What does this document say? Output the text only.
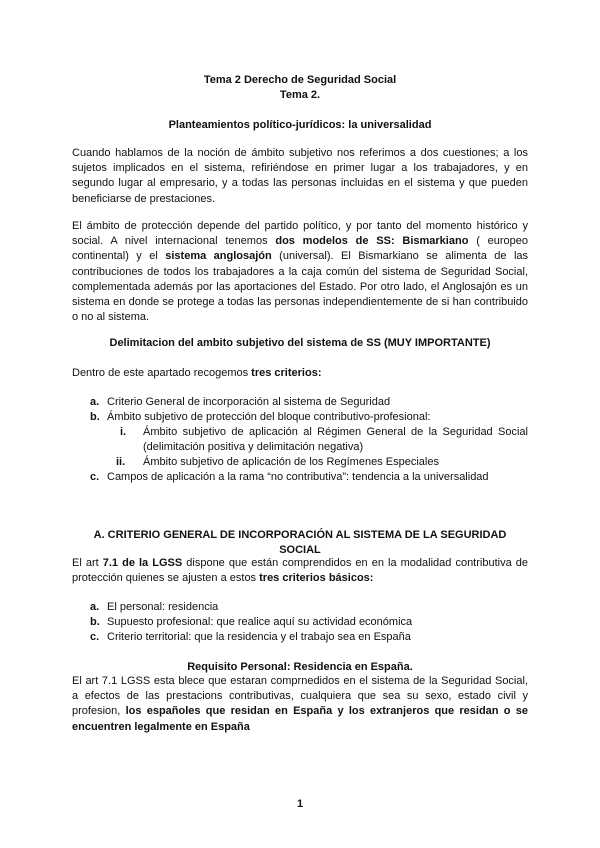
Tema 2 Derecho de Seguridad Social
Tema 2.
Planteamientos político-jurídicos: la universalidad
Cuando hablamos de la noción de ámbito subjetivo nos referimos a dos cuestiones; a los sujetos implicados en el sistema, refiriéndose en primer lugar a los trabajadores, y en segundo lugar al empresario, y a todas las personas incluidas en el sistema y que pueden beneficiarse de prestaciones.
El ámbito de protección depende del partido político, y por tanto del momento histórico y social. A nivel internacional tenemos dos modelos de SS: Bismarkiano ( europeo continental) y el sistema anglosajón (universal). El Bismarkiano se alimenta de las contribuciones de todos los trabajadores a la caja común del sistema de Seguridad Social, complementada además por las aportaciones del Estado. Por otro lado, el Anglosajón es un sistema en donde se protege a todas las personas independientemente de si han contribuido o no al sistema.
Delimitacion del ambito subjetivo del sistema de SS (MUY IMPORTANTE)
Dentro de este apartado recogemos tres criterios:
a. Criterio General de incorporación al sistema de Seguridad
b. Ámbito subjetivo de protección del bloque contributivo-profesional:
i. Ámbito subjetivo de aplicación al Régimen General de la Seguridad Social (delimitación positiva y delimitación negativa)
ii. Ámbito subjetivo de aplicación de los Regímenes Especiales
c. Campos de aplicación a la rama “no contributiva”: tendencia a la universalidad
A. CRITERIO GENERAL DE INCORPORACIÓN AL SISTEMA DE LA SEGURIDAD
SOCIAL
El art 7.1 de la LGSS dispone que están comprendidos en en la modalidad contributiva de protección quienes se ajusten a estos tres criterios básicos:
a. El personal: residencia
b. Supuesto profesional: que realice aquí su actividad económica
c. Criterio territorial: que la residencia y el trabajo sea en España
Requisito Personal: Residencia en España.
El art 7.1 LGSS esta blece que estaran comprnedidos en el sistema de la Seguridad Social, a efectos de las prestacions contributivas, cualquiera que sea su sexo, estado civil y profesion, los españoles que residan en España y los extranjeros que residan o se encuentren legalmente en España
1
